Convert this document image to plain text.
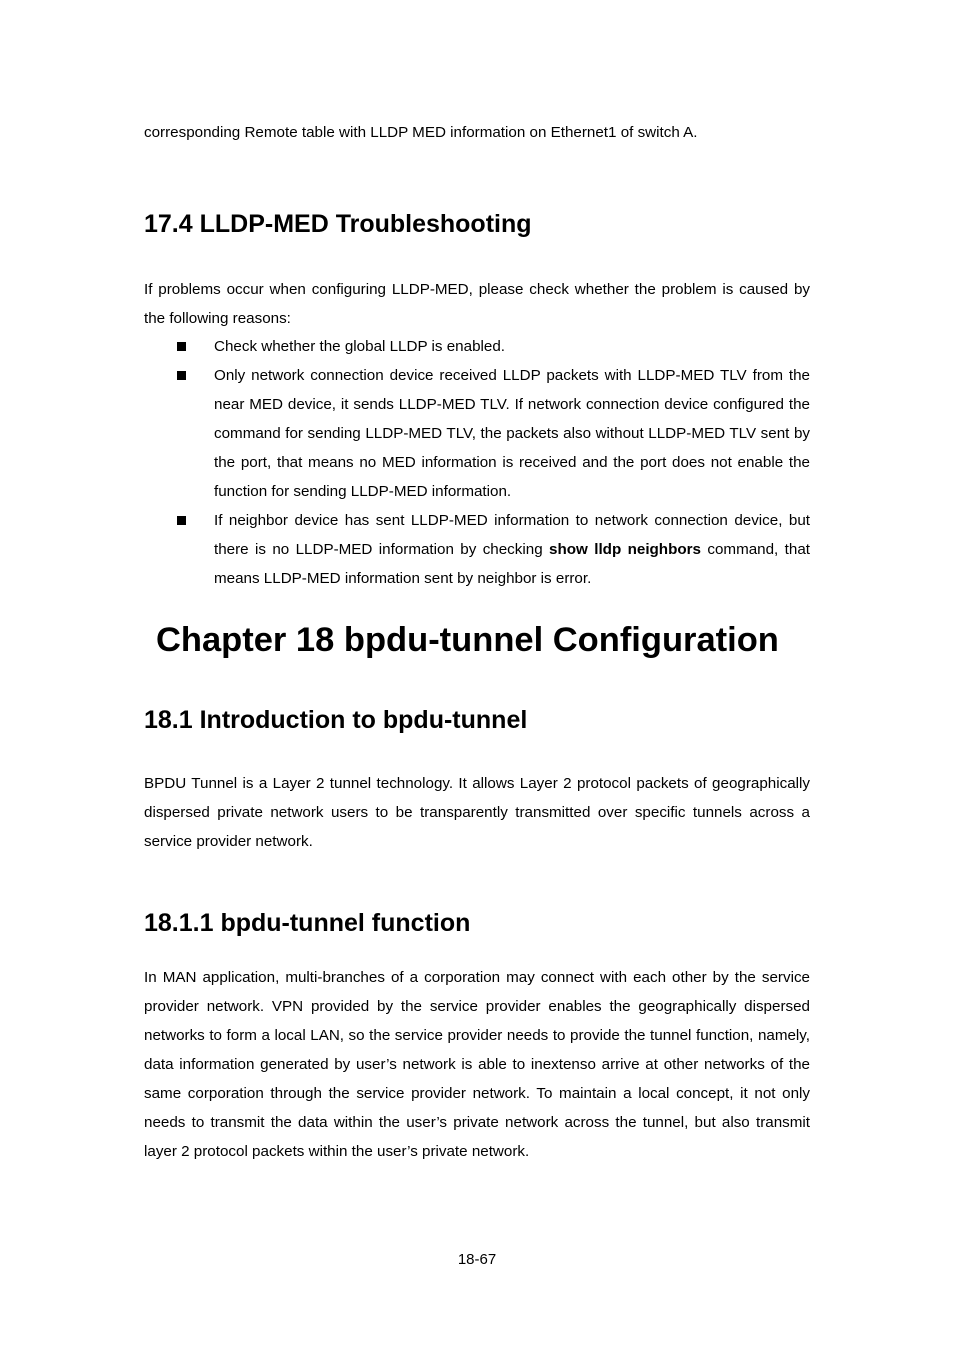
corresponding Remote table with LLDP MED information on Ethernet1 of switch A.

17.4 LLDP-MED Troubleshooting

If problems occur when configuring LLDP-MED, please check whether the problem is caused by the following reasons:

Check whether the global LLDP is enabled.
Only network connection device received LLDP packets with LLDP-MED TLV from the near MED device, it sends LLDP-MED TLV. If network connection device configured the command for sending LLDP-MED TLV, the packets also without LLDP-MED TLV sent by the port, that means no MED information is received and the port does not enable the function for sending LLDP-MED information.
If neighbor device has sent LLDP-MED information to network connection device, but there is no LLDP-MED information by checking show lldp neighbors command, that means LLDP-MED information sent by neighbor is error.
Chapter 18 bpdu-tunnel Configuration
18.1 Introduction to bpdu-tunnel

BPDU Tunnel is a Layer 2 tunnel technology. It allows Layer 2 protocol packets of geographically dispersed private network users to be transparently transmitted over specific tunnels across a service provider network.

18.1.1 bpdu-tunnel function

In MAN application, multi-branches of a corporation may connect with each other by the service provider network. VPN provided by the service provider enables the geographically dispersed networks to form a local LAN, so the service provider needs to provide the tunnel function, namely, data information generated by user’s network is able to inextenso arrive at other networks of the same corporation through the service provider network. To maintain a local concept, it not only needs to transmit the data within the user’s private network across the tunnel, but also transmit layer 2 protocol packets within the user’s private network.

18-67
